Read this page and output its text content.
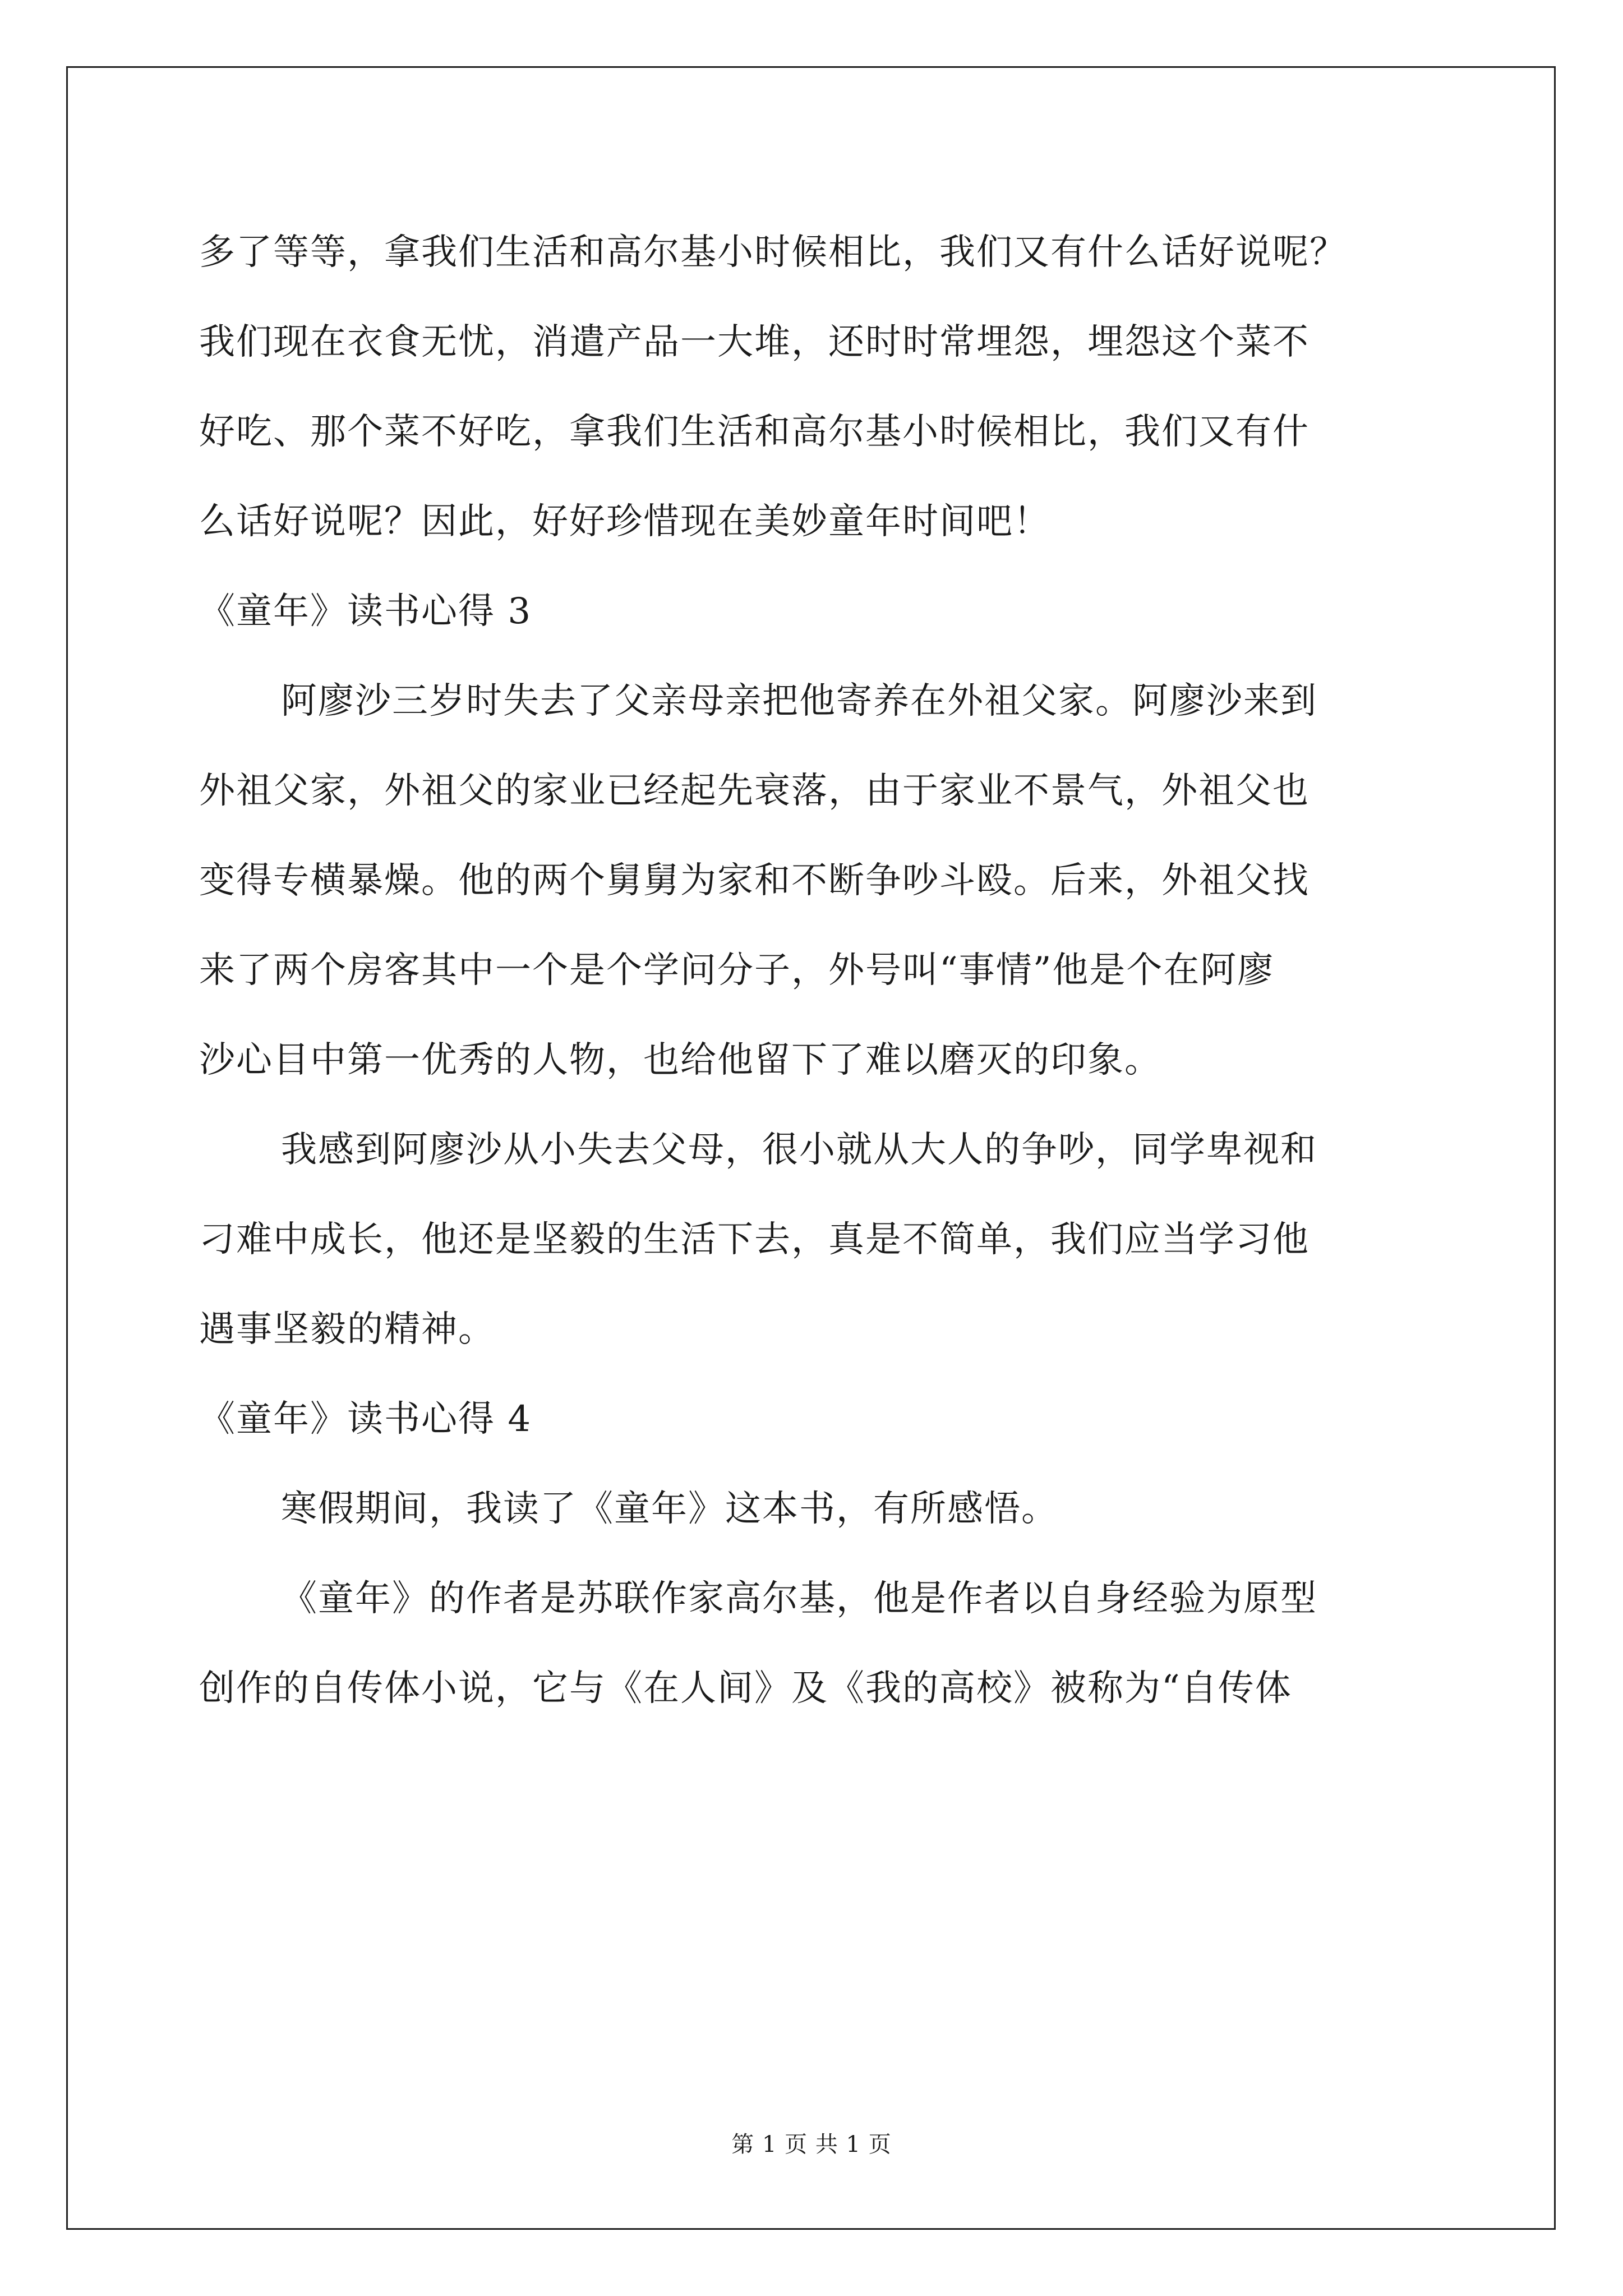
多了等等，拿我们生活和高尔基小时候相比，我们又有什么话好说呢？
我们现在衣食无忧，消遣产品一大堆，还时时常埋怨，埋怨这个菜不
好吃、那个菜不好吃，拿我们生活和高尔基小时候相比，我们又有什
么话好说呢？因此，好好珍惜现在美妙童年时间吧！
《童年》读书心得 3
阿廖沙三岁时失去了父亲母亲把他寄养在外祖父家。阿廖沙来到
外祖父家，外祖父的家业已经起先衰落，由于家业不景气，外祖父也
变得专横暴燥。他的两个舅舅为家和不断争吵斗殴。后来，外祖父找
来了两个房客其中一个是个学问分子，外号叫“事情”他是个在阿廖
沙心目中第一优秀的人物，也给他留下了难以磨灭的印象。
我感到阿廖沙从小失去父母，很小就从大人的争吵，同学卑视和
刁难中成长，他还是坚毅的生活下去，真是不简单，我们应当学习他
遇事坚毅的精神。
《童年》读书心得 4
寒假期间，我读了《童年》这本书，有所感悟。
《童年》的作者是苏联作家高尔基，他是作者以自身经验为原型
创作的自传体小说，它与《在人间》及《我的高校》被称为“自传体
第 1 页 共 1 页
